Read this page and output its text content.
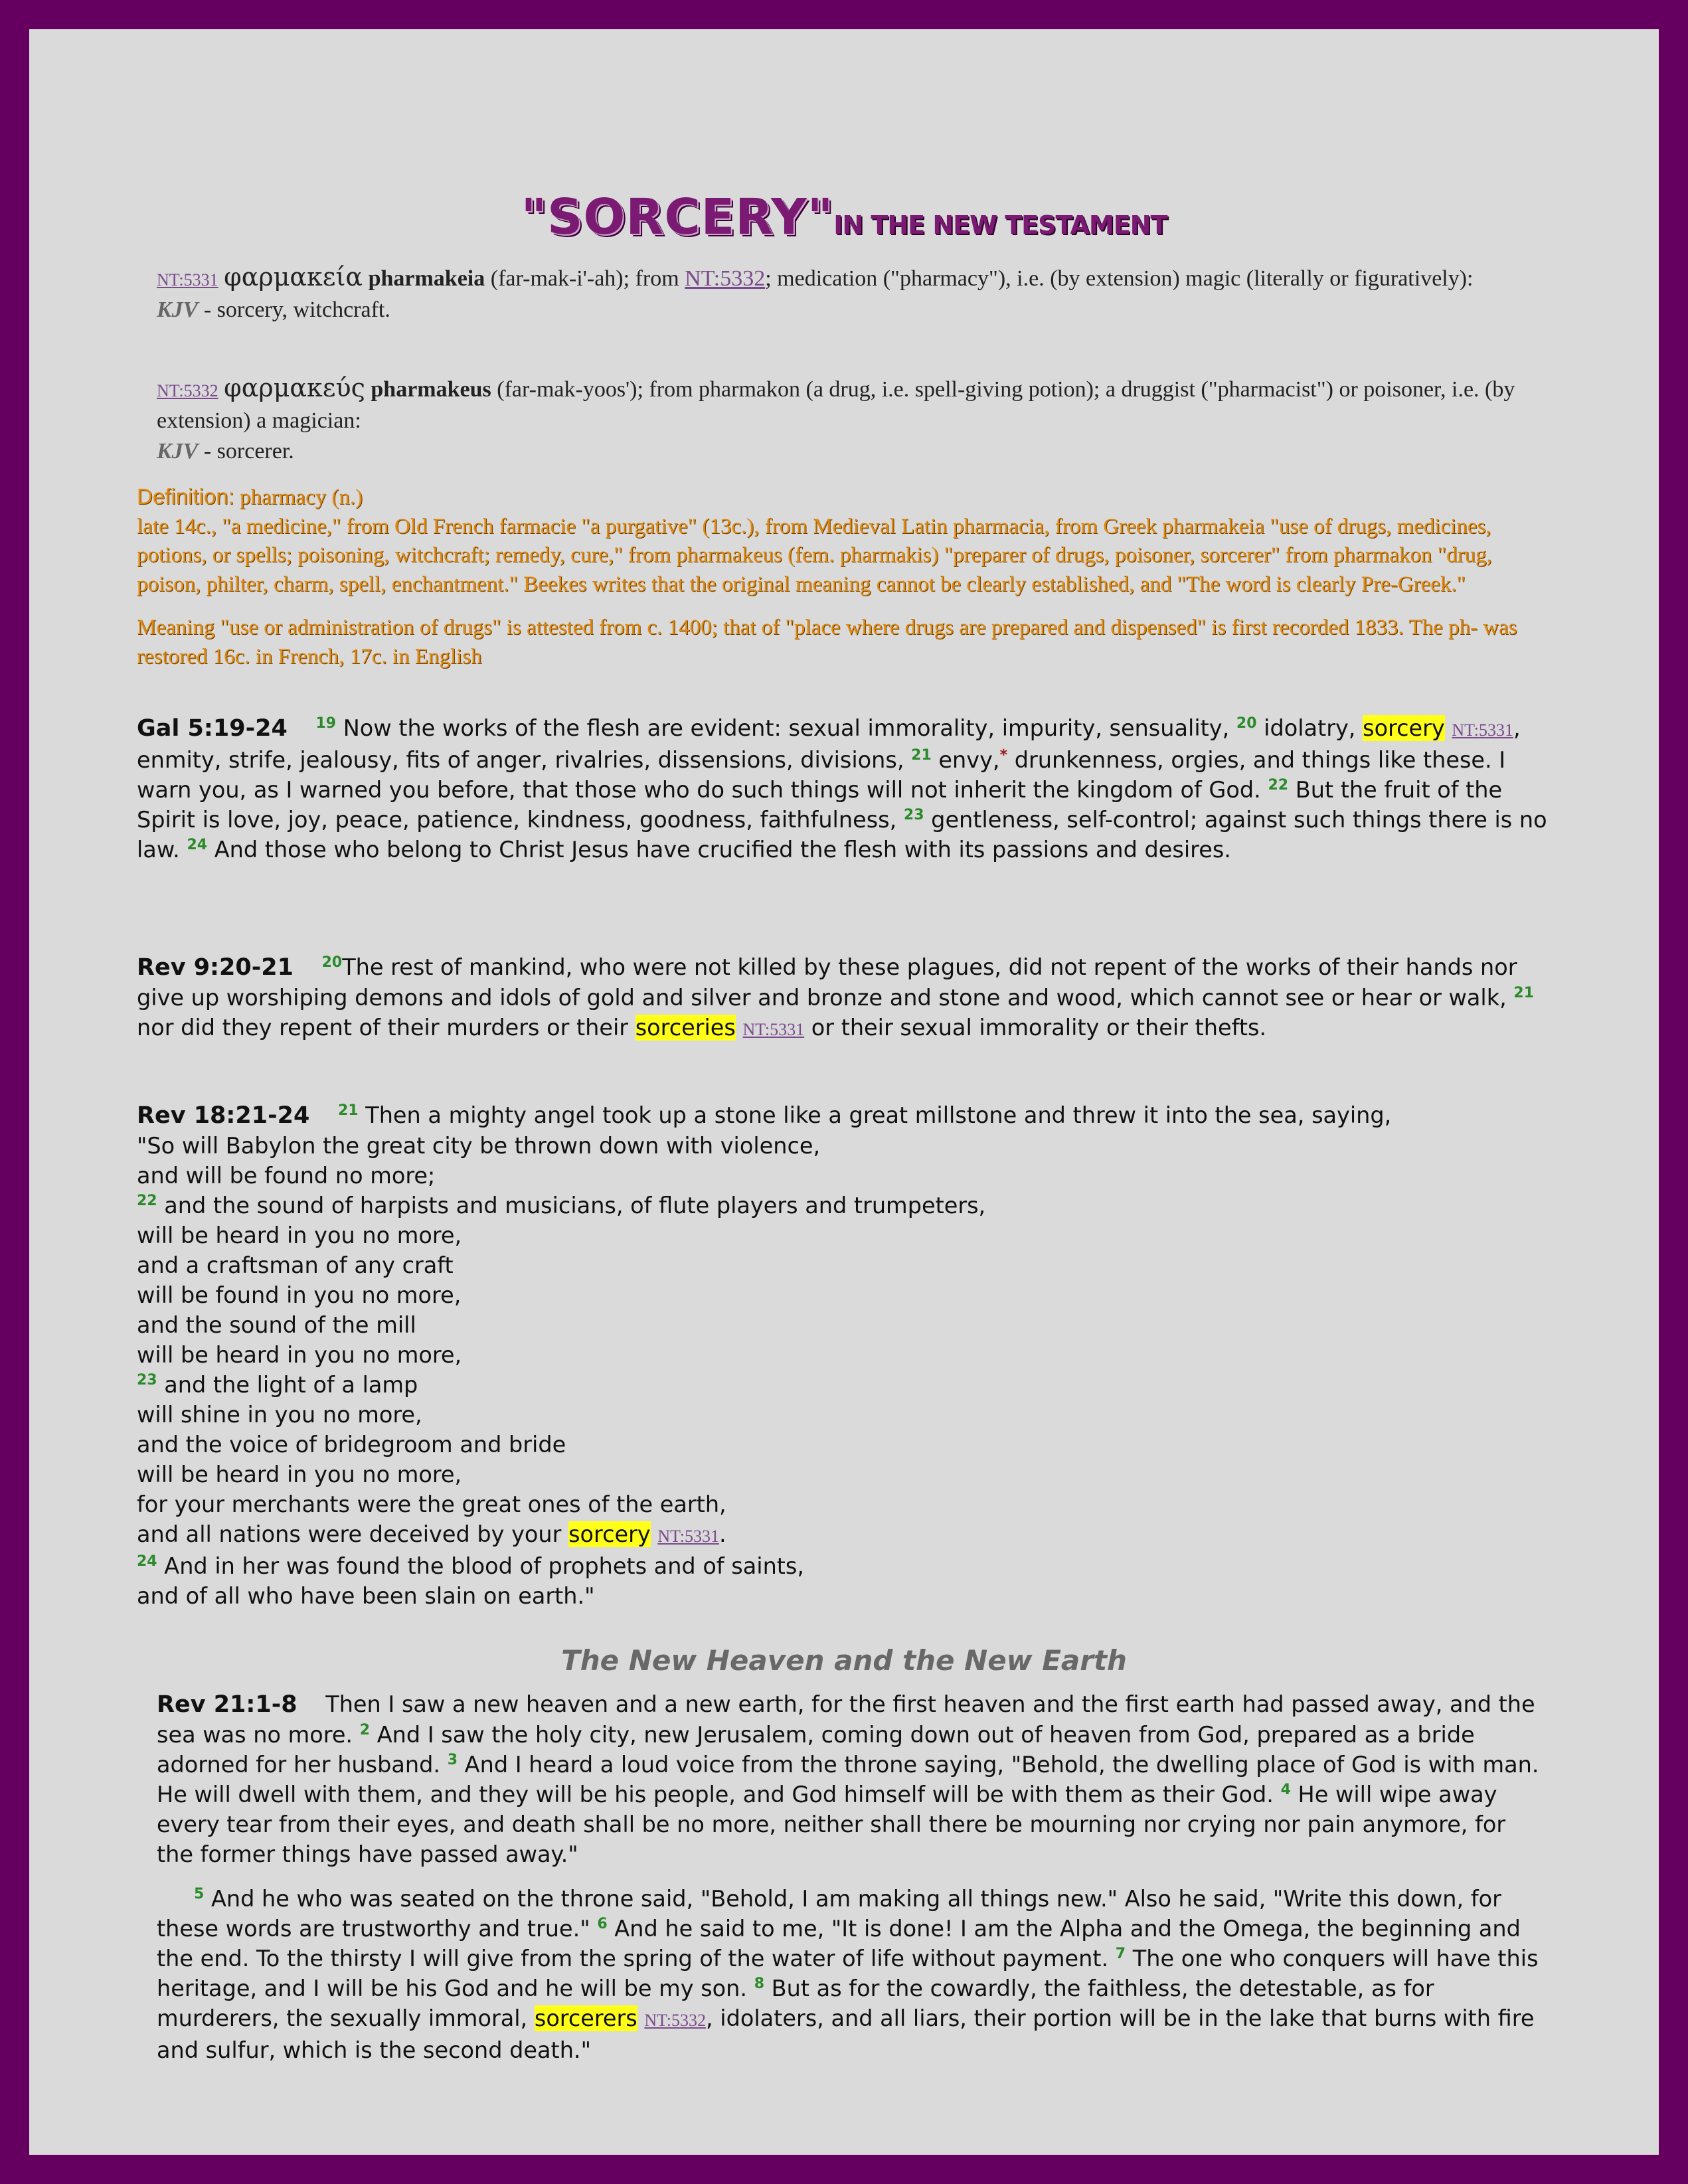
"SORCERY"IN THE NEW TESTAMENT
NT:5331 φαρμακεία pharmakeia (far-mak-i'-ah); from NT:5332; medication ("pharmacy"), i.e. (by extension) magic (literally or figuratively):
KJV - sorcery, witchcraft.
NT:5332 φαρμακεύς pharmakeus (far-mak-yoos'); from pharmakon (a drug, i.e. spell-giving potion); a druggist ("pharmacist") or poisoner, i.e. (by extension) a magician:
KJV - sorcerer.
Definition: pharmacy (n.)
late 14c., "a medicine," from Old French farmacie "a purgative" (13c.), from Medieval Latin pharmacia, from Greek pharmakeia "use of drugs, medicines, potions, or spells; poisoning, witchcraft; remedy, cure," from pharmakeus (fem. pharmakis) "preparer of drugs, poisoner, sorcerer" from pharmakon "drug, poison, philter, charm, spell, enchantment." Beekes writes that the original meaning cannot be clearly established, and "The word is clearly Pre-Greek."
Meaning "use or administration of drugs" is attested from c. 1400; that of "place where drugs are prepared and dispensed" is first recorded 1833. The ph- was restored 16c. in French, 17c. in English
Gal 5:19-24 $^{19}$ Now the works of the flesh are evident: sexual immorality, impurity, sensuality, $^{20}$ idolatry, sorcery NT:5331, enmity, strife, jealousy, fits of anger, rivalries, dissensions, divisions, $^{21}$ envy,* drunkenness, orgies, and things like these. I warn you, as I warned you before, that those who do such things will not inherit the kingdom of God. $^{22}$ But the fruit of the Spirit is love, joy, peace, patience, kindness, goodness, faithfulness, $^{23}$ gentleness, self-control; against such things there is no law. $^{24}$ And those who belong to Christ Jesus have crucified the flesh with its passions and desires.
Rev 9:20-21 $^{20}$The rest of mankind, who were not killed by these plagues, did not repent of the works of their hands nor give up worshiping demons and idols of gold and silver and bronze and stone and wood, which cannot see or hear or walk, $^{21}$ nor did they repent of their murders or their sorceries NT:5331 or their sexual immorality or their thefts.
Rev 18:21-24 $^{21}$ Then a mighty angel took up a stone like a great millstone and threw it into the sea, saying,
"So will Babylon the great city be thrown down with violence,
and will be found no more;
$^{22}$ and the sound of harpists and musicians, of flute players and trumpeters,
will be heard in you no more,
and a craftsman of any craft
will be found in you no more,
and the sound of the mill
will be heard in you no more,
$^{23}$ and the light of a lamp
will shine in you no more,
and the voice of bridegroom and bride
will be heard in you no more,
for your merchants were the great ones of the earth,
and all nations were deceived by your sorcery NT:5331.
$^{24}$ And in her was found the blood of prophets and of saints,
and of all who have been slain on earth."
The New Heaven and the New Earth
Rev 21:1-8 Then I saw a new heaven and a new earth, for the first heaven and the first earth had passed away, and the sea was no more. $^2$ And I saw the holy city, new Jerusalem, coming down out of heaven from God, prepared as a bride adorned for her husband. $^3$ And I heard a loud voice from the throne saying, "Behold, the dwelling place of God is with man. He will dwell with them, and they will be his people, and God himself will be with them as their God. $^4$ He will wipe away every tear from their eyes, and death shall be no more, neither shall there be mourning nor crying nor pain anymore, for the former things have passed away."
$^5$ And he who was seated on the throne said, "Behold, I am making all things new." Also he said, "Write this down, for these words are trustworthy and true." $^6$ And he said to me, "It is done! I am the Alpha and the Omega, the beginning and the end. To the thirsty I will give from the spring of the water of life without payment. $^7$ The one who conquers will have this heritage, and I will be his God and he will be my son. $^8$ But as for the cowardly, the faithless, the detestable, as for murderers, the sexually immoral, sorcerers NT:5332, idolaters, and all liars, their portion will be in the lake that burns with fire and sulfur, which is the second death."
